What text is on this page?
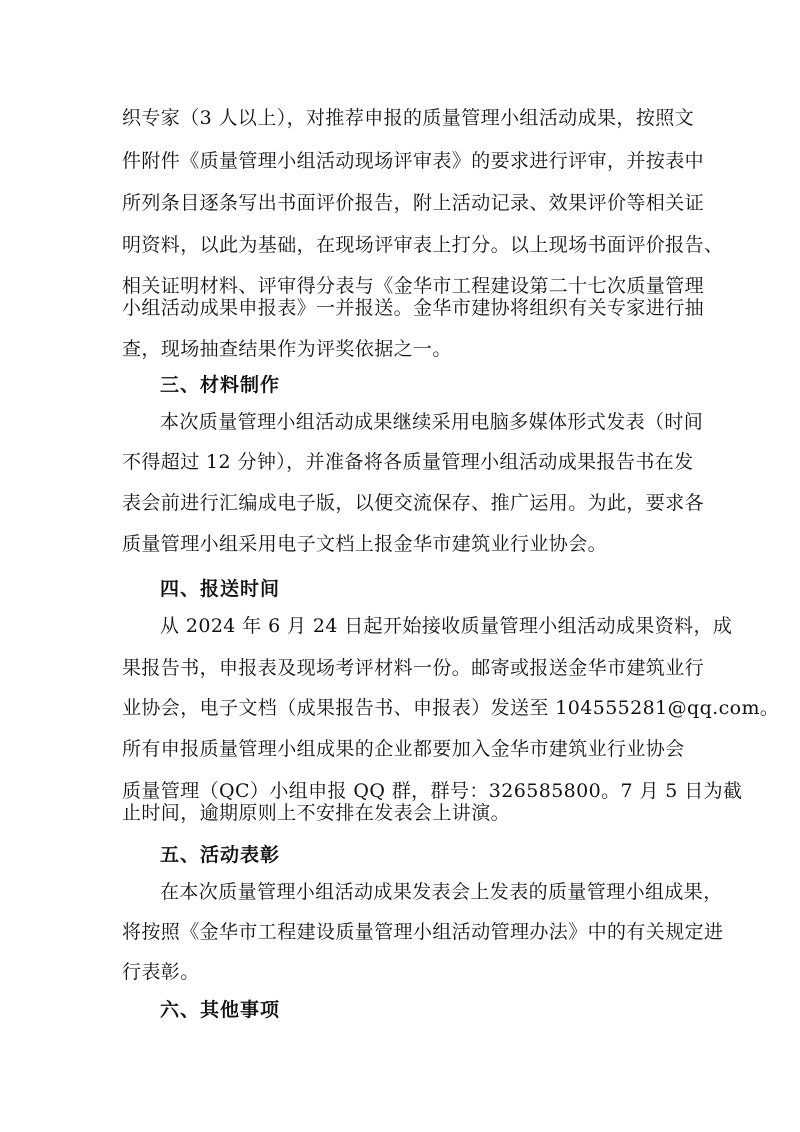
织专家（3 人以上），对推荐申报的质量管理小组活动成果，按照文
件附件《质量管理小组活动现场评审表》的要求进行评审，并按表中
所列条目逐条写出书面评价报告，附上活动记录、效果评价等相关证
明资料，以此为基础，在现场评审表上打分。以上现场书面评价报告、
相关证明材料、评审得分表与《金华市工程建设第二十七次质量管理
小组活动成果申报表》一并报送。金华市建协将组织有关专家进行抽
查，现场抽查结果作为评奖依据之一。
三、材料制作
本次质量管理小组活动成果继续采用电脑多媒体形式发表（时间
不得超过 12 分钟），并准备将各质量管理小组活动成果报告书在发
表会前进行汇编成电子版，以便交流保存、推广运用。为此，要求各
质量管理小组采用电子文档上报金华市建筑业行业协会。
四、报送时间
从 2024 年 6 月 24 日起开始接收质量管理小组活动成果资料，成
果报告书，申报表及现场考评材料一份。邮寄或报送金华市建筑业行
业协会，电子文档（成果报告书、申报表）发送至 104555281@qq.com。
所有申报质量管理小组成果的企业都要加入金华市建筑业行业协会
质量管理（QC）小组申报 QQ 群，群号：326585800。7 月 5 日为截
止时间，逾期原则上不安排在发表会上讲演。
五、活动表彰
在本次质量管理小组活动成果发表会上发表的质量管理小组成果，
将按照《金华市工程建设质量管理小组活动管理办法》中的有关规定进
行表彰。
六、其他事项
